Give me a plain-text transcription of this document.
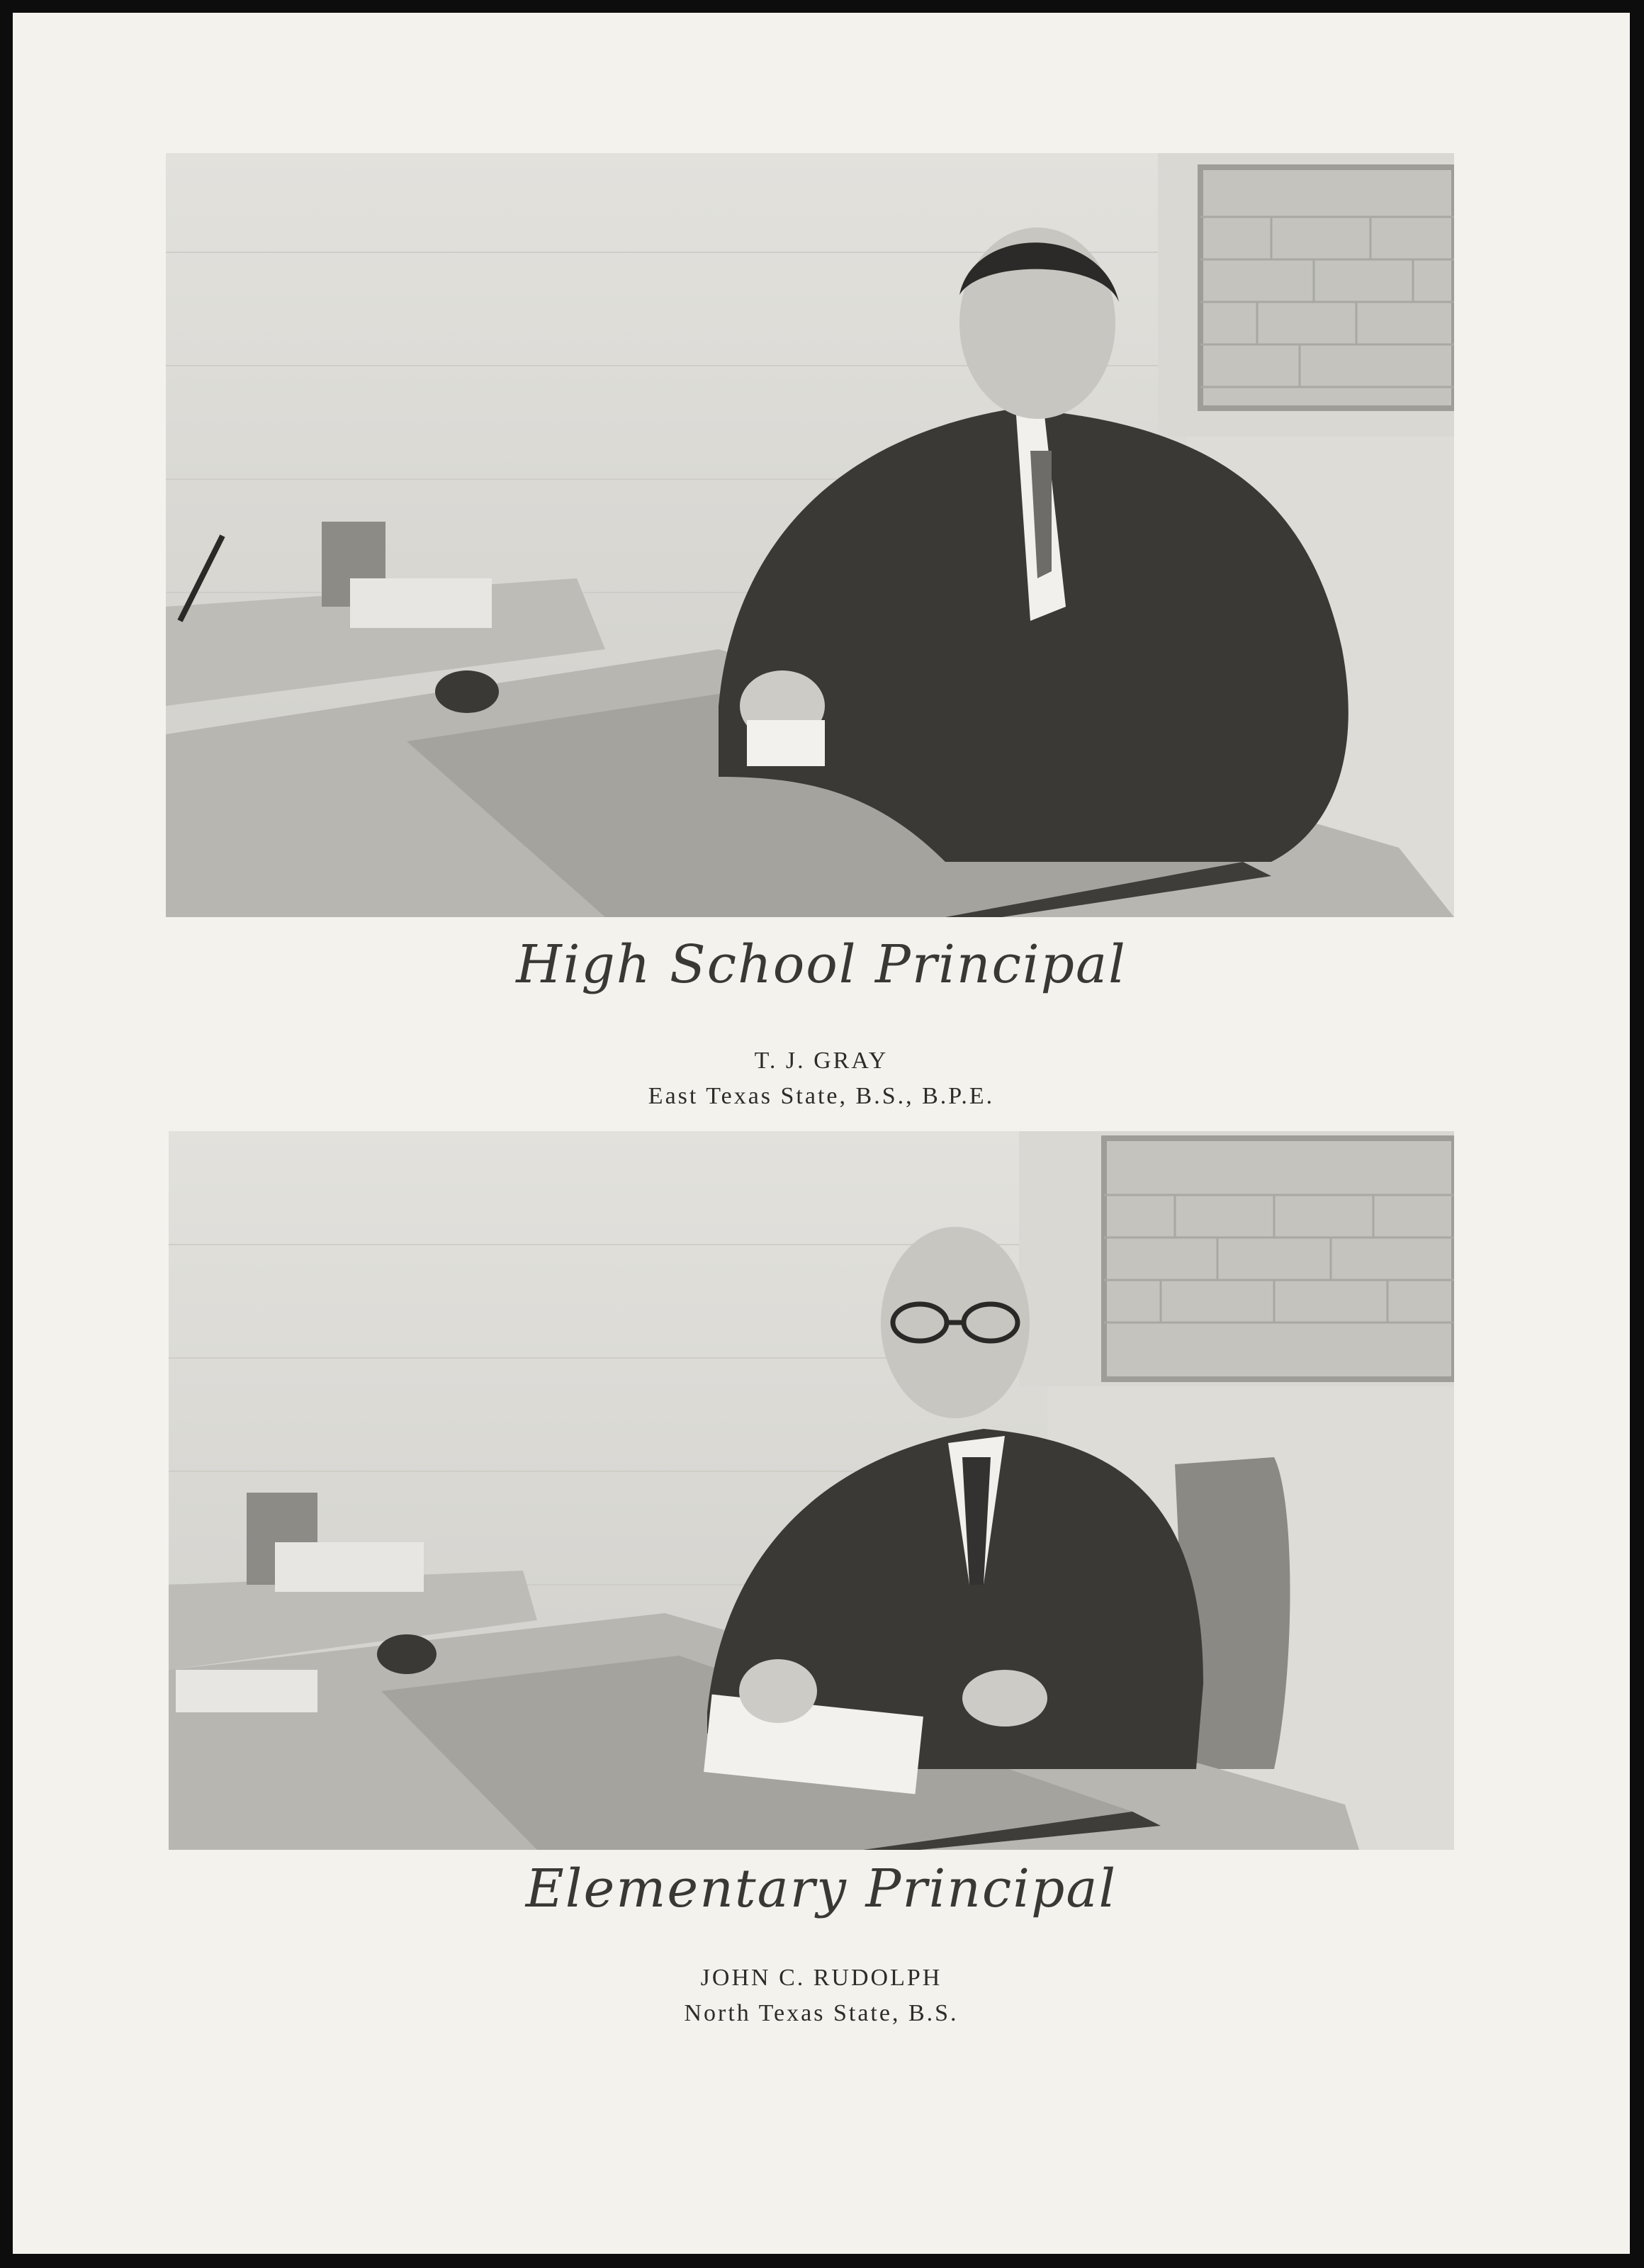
High School Principal
T. J. GRAY
East Texas State, B.S., B.P.E.
Elementary Principal
JOHN C. RUDOLPH
North Texas State, B.S.
